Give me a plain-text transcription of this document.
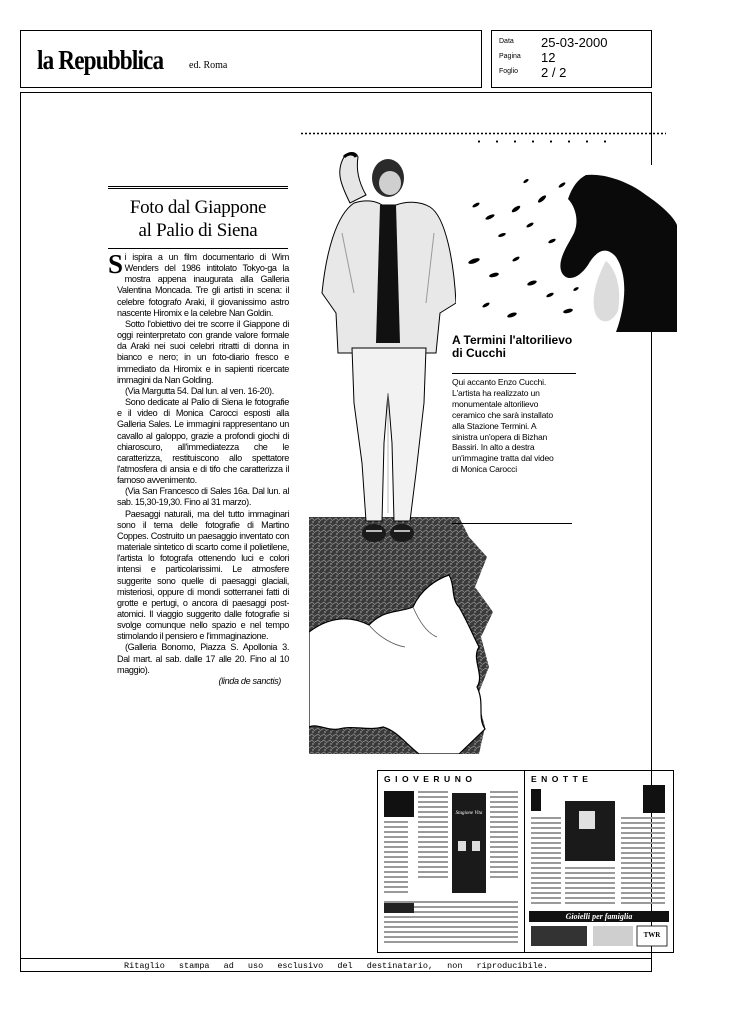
la Repubblica	ed. Roma
Data 25-03-2000
Pagina 12
Foglio 2 / 2
Foto dal Giappone
al Palio di Siena

Si ispira a un film documentario di Wim Wenders del 1986 intitolato Tokyo-ga la mostra appena inaugurata alla Galleria Valentina Moncada. Tre gli artisti in scena: il celebre fotografo Araki, il giovanissimo astro nascente Hiromix e la celebre Nan Goldin.

Sotto l'obiettivo dei tre scorre il Giappone di oggi reinterpretato con grande valore formale da Araki nei suoi celebri ritratti di donna in bianco e nero; in un foto-diario fresco e immediato da Hiromix e in sapienti ricercate immagini da Nan Golding.

(Via Margutta 54. Dal lun. al ven. 16-20).

Sono dedicate al Palio di Siena le fotografie e il video di Monica Carocci esposti alla Galleria Sales. Le immagini rappresentano un cavallo al galoppo, grazie a profondi giochi di chiaroscuro, all'immediatezza che le caratterizza, restituiscono allo spettatore l'atmosfera di ansia e di tifo che caratterizza il famoso avvenimento.

(Via San Francesco di Sales 16a. Dal lun. al sab. 15,30-19,30. Fino al 31 marzo).

Paesaggi naturali, ma del tutto immaginari sono il tema delle fotografie di Martino Coppes. Costruito un paesaggio inventato con materiale sintetico di scarto come il polietilene, l'artista lo fotografa ottenendo luci e colori intensi e particolarissimi. Le atmosfere suggerite sono quelle di paesaggi glaciali, misteriosi, oppure di mondi sotterranei fatti di grotte e pertugi, o ancora di paesaggi post-atomici. Il viaggio suggerito dalle fotografie si svolge comunque nello spazio e nel tempo stimolando il pensiero e l'immaginazione.

(Galleria Bonomo, Piazza S. Apollonia 3. Dal mart. al sab. dalle 17 alle 20. Fino al 10 maggio).

(linda de sanctis)
A Termini l'altorilievo di Cucchi
Qui accanto Enzo Cucchi. L'artista ha realizzato un monumentale altorilievo ceramico che sarà installato alla Stazione Termini. A sinistra un'opera di Bizhan Bassiri. In alto a destra un'immagine tratta dal video di Monica Carocci
GIOVERUNO
Stagione Vita
ENOTTE
Gioielli per famiglia
TWR
Ritaglio stampa ad uso esclusivo del destinatario, non riproducibile.
